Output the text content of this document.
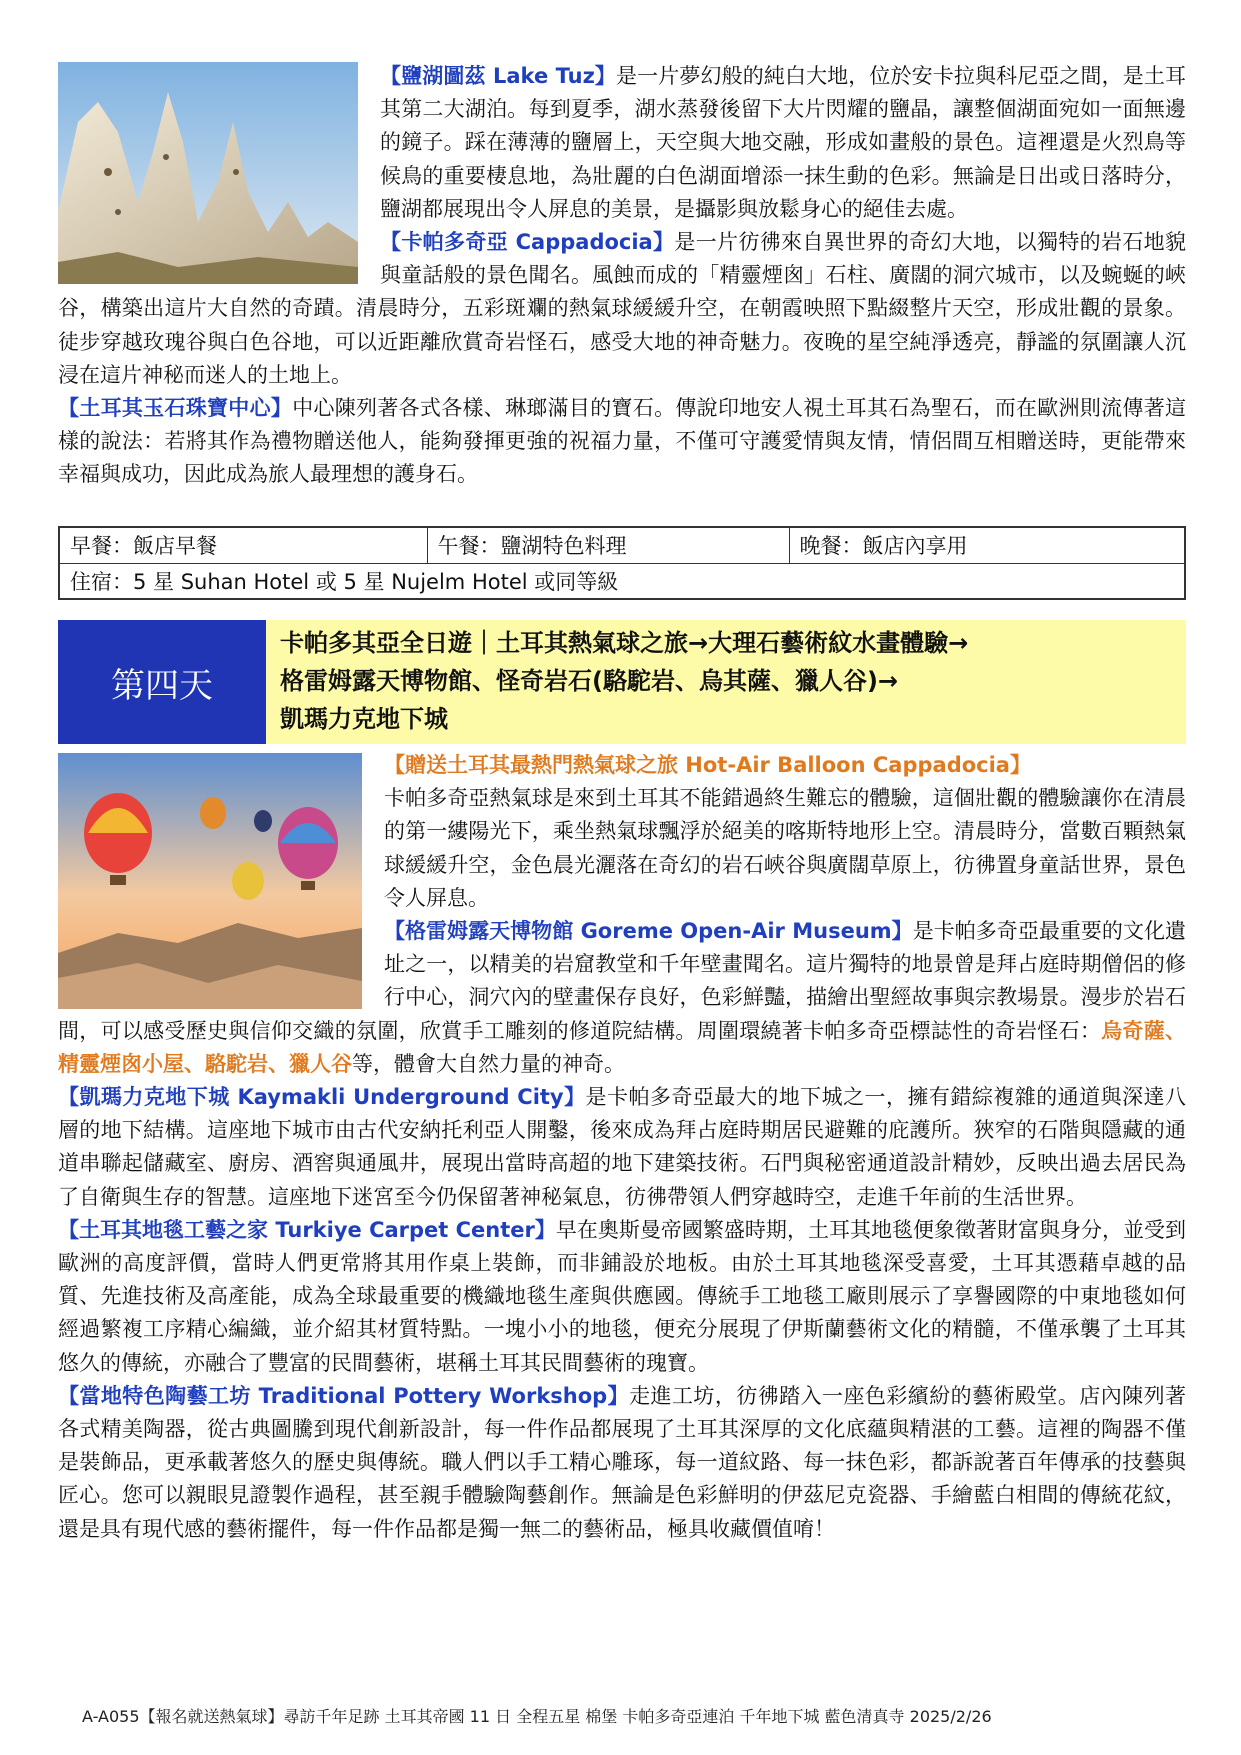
【鹽湖圖茲 Lake Tuz】是一片夢幻般的純白大地，位於安卡拉與科尼亞之間，是土耳其第二大湖泊。每到夏季，湖水蒸發後留下大片閃耀的鹽晶，讓整個湖面宛如一面無邊的鏡子。踩在薄薄的鹽層上，天空與大地交融，形成如畫般的景色。這裡還是火烈鳥等候鳥的重要棲息地，為壯麗的白色湖面增添一抹生動的色彩。無論是日出或日落時分，鹽湖都展現出令人屏息的美景，是攝影與放鬆身心的絕佳去處。
【卡帕多奇亞 Cappadocia】是一片彷彿來自異世界的奇幻大地，以獨特的岩石地貌與童話般的景色聞名。風蝕而成的「精靈煙囪」石柱、廣闊的洞穴城市，以及蜿蜒的峽谷，構築出這片大自然的奇蹟。清晨時分，五彩斑斕的熱氣球緩緩升空，在朝霞映照下點綴整片天空，形成壯觀的景象。徒步穿越玫瑰谷與白色谷地，可以近距離欣賞奇岩怪石，感受大地的神奇魅力。夜晚的星空純淨透亮，靜謐的氛圍讓人沉浸在這片神秘而迷人的土地上。
【土耳其玉石珠寶中心】中心陳列著各式各樣、琳瑯滿目的寶石。傳說印地安人視土耳其石為聖石，而在歐洲則流傳著這樣的說法：若將其作為禮物贈送他人，能夠發揮更強的祝福力量，不僅可守護愛情與友情，情侶間互相贈送時，更能帶來幸福與成功，因此成為旅人最理想的護身石。
早餐：飯店早餐	午餐：鹽湖特色料理	晚餐：飯店內享用
住宿：5 星 Suhan Hotel 或 5 星 Nujelm Hotel 或同等級
第四天
卡帕多其亞全日遊｜土耳其熱氣球之旅→大理石藝術紋水畫體驗→
格雷姆露天博物館、怪奇岩石(駱駝岩、烏其薩、獵人谷)→
凱瑪力克地下城
【贈送土耳其最熱門熱氣球之旅 Hot-Air Balloon Cappadocia】
卡帕多奇亞熱氣球是來到土耳其不能錯過終生難忘的體驗，這個壯觀的體驗讓你在清晨的第一縷陽光下，乘坐熱氣球飄浮於絕美的喀斯特地形上空。清晨時分，當數百顆熱氣球緩緩升空，金色晨光灑落在奇幻的岩石峽谷與廣闊草原上，彷彿置身童話世界，景色令人屏息。
【格雷姆露天博物館 Goreme Open-Air Museum】是卡帕多奇亞最重要的文化遺址之一，以精美的岩窟教堂和千年壁畫聞名。這片獨特的地景曾是拜占庭時期僧侶的修行中心，洞穴內的壁畫保存良好，色彩鮮豔，描繪出聖經故事與宗教場景。漫步於岩石間，可以感受歷史與信仰交織的氛圍，欣賞手工雕刻的修道院結構。周圍環繞著卡帕多奇亞標誌性的奇岩怪石：烏奇薩、精靈煙囪小屋、駱駝岩、獵人谷等，體會大自然力量的神奇。
【凱瑪力克地下城 Kaymakli Underground City】是卡帕多奇亞最大的地下城之一，擁有錯綜複雜的通道與深達八層的地下結構。這座地下城市由古代安納托利亞人開鑿，後來成為拜占庭時期居民避難的庇護所。狹窄的石階與隱藏的通道串聯起儲藏室、廚房、酒窖與通風井，展現出當時高超的地下建築技術。石門與秘密通道設計精妙，反映出過去居民為了自衛與生存的智慧。這座地下迷宮至今仍保留著神秘氣息，彷彿帶領人們穿越時空，走進千年前的生活世界。
【土耳其地毯工藝之家 Turkiye Carpet Center】早在奧斯曼帝國繁盛時期，土耳其地毯便象徵著財富與身分，並受到歐洲的高度評價，當時人們更常將其用作桌上裝飾，而非鋪設於地板。由於土耳其地毯深受喜愛，土耳其憑藉卓越的品質、先進技術及高產能，成為全球最重要的機織地毯生產與供應國。傳統手工地毯工廠則展示了享譽國際的中東地毯如何經過繁複工序精心編織，並介紹其材質特點。一塊小小的地毯，便充分展現了伊斯蘭藝術文化的精髓，不僅承襲了土耳其悠久的傳統，亦融合了豐富的民間藝術，堪稱土耳其民間藝術的瑰寶。
【當地特色陶藝工坊 Traditional Pottery Workshop】走進工坊，彷彿踏入一座色彩繽紛的藝術殿堂。店內陳列著各式精美陶器，從古典圖騰到現代創新設計，每一件作品都展現了土耳其深厚的文化底蘊與精湛的工藝。這裡的陶器不僅是裝飾品，更承載著悠久的歷史與傳統。職人們以手工精心雕琢，每一道紋路、每一抹色彩，都訴說著百年傳承的技藝與匠心。您可以親眼見證製作過程，甚至親手體驗陶藝創作。無論是色彩鮮明的伊茲尼克瓷器、手繪藍白相間的傳統花紋，還是具有現代感的藝術擺件，每一件作品都是獨一無二的藝術品，極具收藏價值唷！
A-A055【報名就送熱氣球】尋訪千年足跡 土耳其帝國 11 日 全程五星 棉堡 卡帕多奇亞連泊 千年地下城 藍色清真寺 2025/2/26
